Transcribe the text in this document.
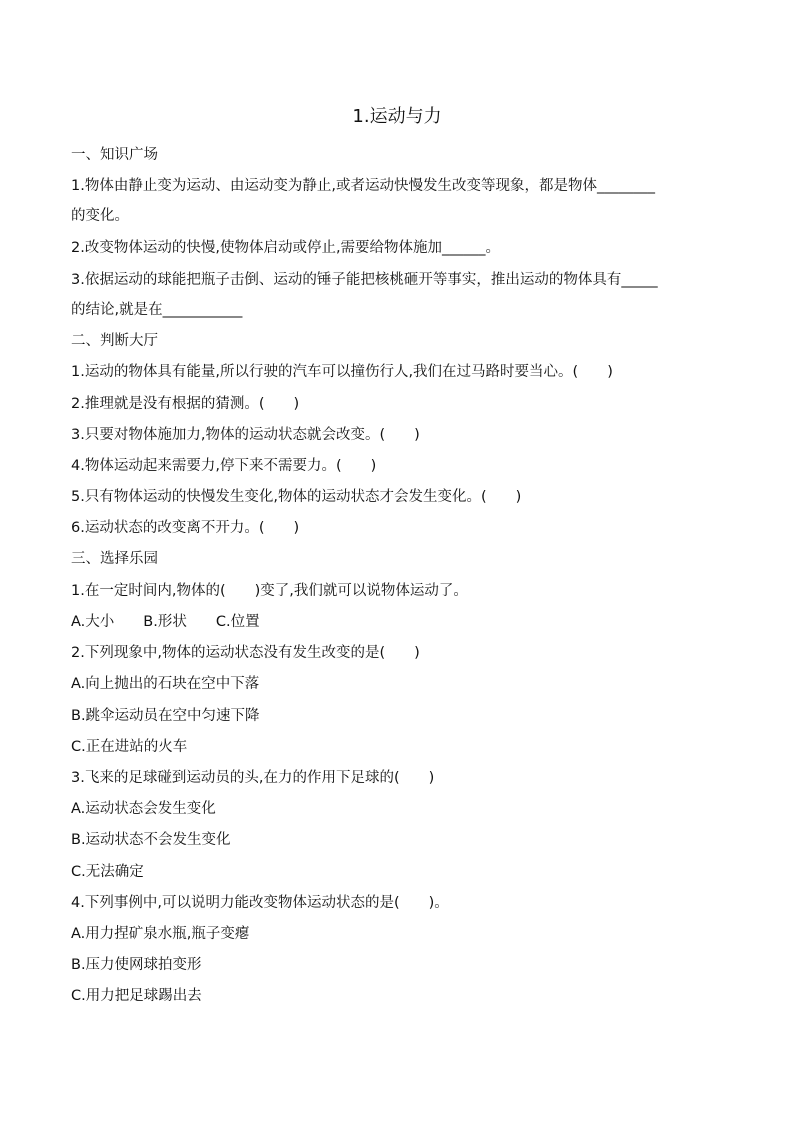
1.运动与力
一、知识广场
1.物体由静止变为运动、由运动变为静止,或者运动快慢发生改变等现象，都是物体________
的变化。
2.改变物体运动的快慢,使物体启动或停止,需要给物体施加______。
3.依据运动的球能把瓶子击倒、运动的锤子能把核桃砸开等事实，推出运动的物体具有_____
的结论,就是在___________
二、判断大厅
1.运动的物体具有能量,所以行驶的汽车可以撞伤行人,我们在过马路时要当心。(　　)
2.推理就是没有根据的猜测。(　　)
3.只要对物体施加力,物体的运动状态就会改变。(　　)
4.物体运动起来需要力,停下来不需要力。(　　)
5.只有物体运动的快慢发生变化,物体的运动状态才会发生变化。(　　)
6.运动状态的改变离不开力。(　　)
三、选择乐园
1.在一定时间内,物体的(　　)变了,我们就可以说物体运动了。
A.大小　　B.形状　　C.位置
2.下列现象中,物体的运动状态没有发生改变的是(　　)
A.向上抛出的石块在空中下落
B.跳伞运动员在空中匀速下降
C.正在进站的火车
3.飞来的足球碰到运动员的头,在力的作用下足球的(　　)
A.运动状态会发生变化
B.运动状态不会发生变化
C.无法确定
4.下列事例中,可以说明力能改变物体运动状态的是(　　)。
A.用力捏矿泉水瓶,瓶子变瘪
B.压力使网球拍变形
C.用力把足球踢出去
